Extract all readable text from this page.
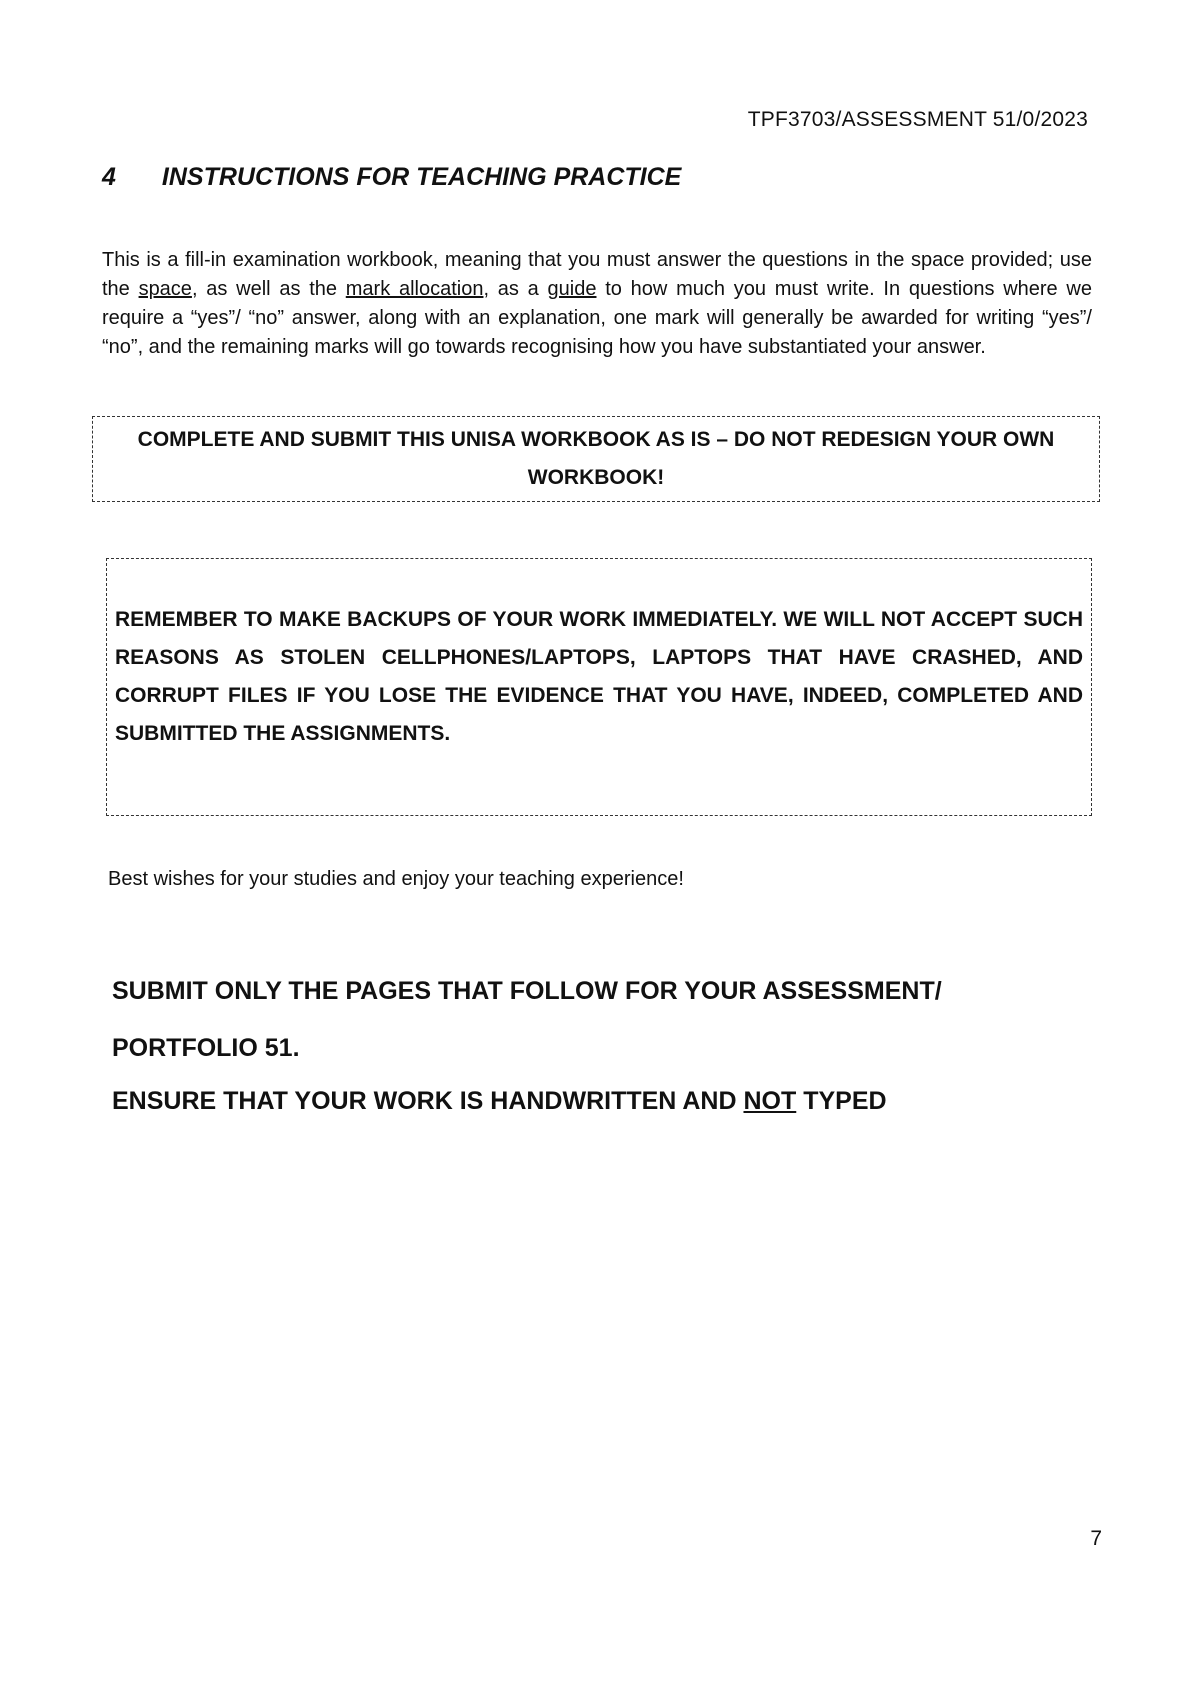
TPF3703/ASSESSMENT 51/0/2023
4 INSTRUCTIONS FOR TEACHING PRACTICE

This is a fill-in examination workbook, meaning that you must answer the questions in the space provided; use the space, as well as the mark allocation, as a guide to how much you must write. In questions where we require a “yes”/ “no” answer, along with an explanation, one mark will generally be awarded for writing “yes”/ “no”, and the remaining marks will go towards recognising how you have substantiated your answer.

COMPLETE AND SUBMIT THIS UNISA WORKBOOK AS IS – DO NOT REDESIGN YOUR OWN WORKBOOK!
REMEMBER TO MAKE BACKUPS OF YOUR WORK IMMEDIATELY. WE WILL NOT ACCEPT SUCH REASONS AS STOLEN CELLPHONES/LAPTOPS, LAPTOPS THAT HAVE CRASHED, AND CORRUPT FILES IF YOU LOSE THE EVIDENCE THAT YOU HAVE, INDEED, COMPLETED AND SUBMITTED THE ASSIGNMENTS.
Best wishes for your studies and enjoy your teaching experience!
SUBMIT ONLY THE PAGES THAT FOLLOW FOR YOUR ASSESSMENT/ PORTFOLIO 51.
ENSURE THAT YOUR WORK IS HANDWRITTEN AND NOT TYPED
7
